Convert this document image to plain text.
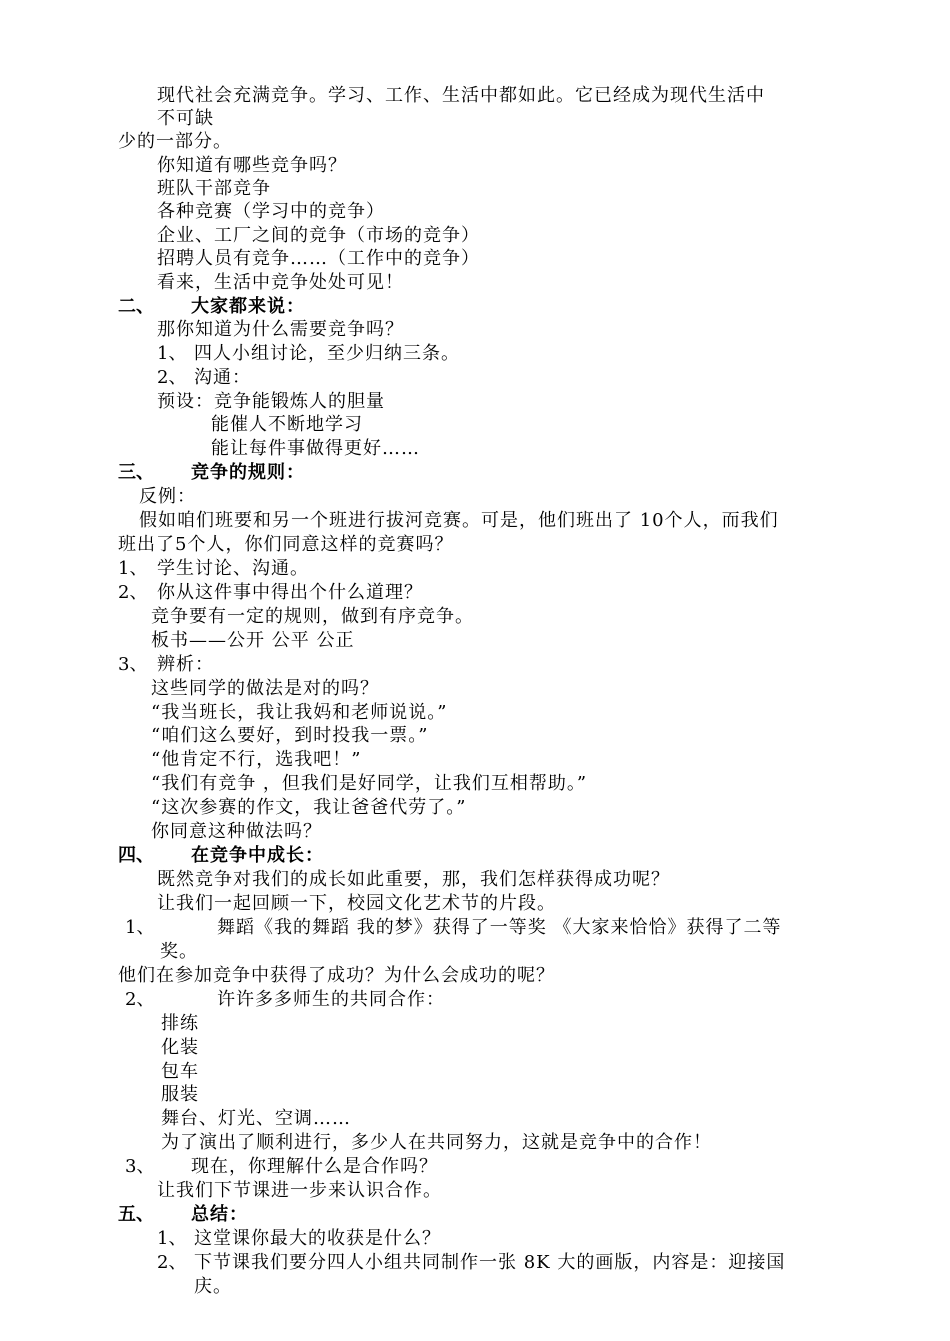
现代社会充满竞争。学习、工作、生活中都如此。它已经成为现代生活中
不可缺
少的一部分。
你知道有哪些竞争吗？
班队干部竞争
各种竞赛（学习中的竞争）
企业、工厂之间的竞争（市场的竞争）
招聘人员有竞争……（工作中的竞争）
看来，生活中竞争处处可见！
二、 大家都来说：
那你知道为什么需要竞争吗？
1、 四人小组讨论，至少归纳三条。
2、 沟通：
预设：竞争能锻炼人的胆量
能催人不断地学习
能让每件事做得更好……
三、 竞争的规则：
反例：
假如咱们班要和另一个班进行拔河竞赛。可是，他们班出了 10个人，而我们
班出了5个人，你们同意这样的竞赛吗？
1、 学生讨论、沟通。
2、 你从这件事中得出个什么道理？
竞争要有一定的规则，做到有序竞争。
板书——公开 公平 公正
3、 辨析：
这些同学的做法是对的吗？
“我当班长，我让我妈和老师说说。”
“咱们这么要好，到时投我一票。”
“他肯定不行，选我吧！”
“我们有竞争 ，但我们是好同学，让我们互相帮助。”
“这次参赛的作文，我让爸爸代劳了。”
你同意这种做法吗？
四、 在竞争中成长：
既然竞争对我们的成长如此重要，那，我们怎样获得成功呢？
让我们一起回顾一下，校园文化艺术节的片段。
1、	舞蹈《我的舞蹈 我的梦》获得了一等奖 《大家来恰恰》获得了二等
奖。
他们在参加竞争中获得了成功？为什么会成功的呢？
2、	许许多多师生的共同合作：
排练
化装
包车
服装
舞台、灯光、空调……
为了演出了顺利进行，多少人在共同努力，这就是竞争中的合作！
3、 现在，你理解什么是合作吗？
让我们下节课进一步来认识合作。
五、 总结：
1、 这堂课你最大的收获是什么？
2、 下节课我们要分四人小组共同制作一张 8K 大的画版，内容是：迎接国
庆。
